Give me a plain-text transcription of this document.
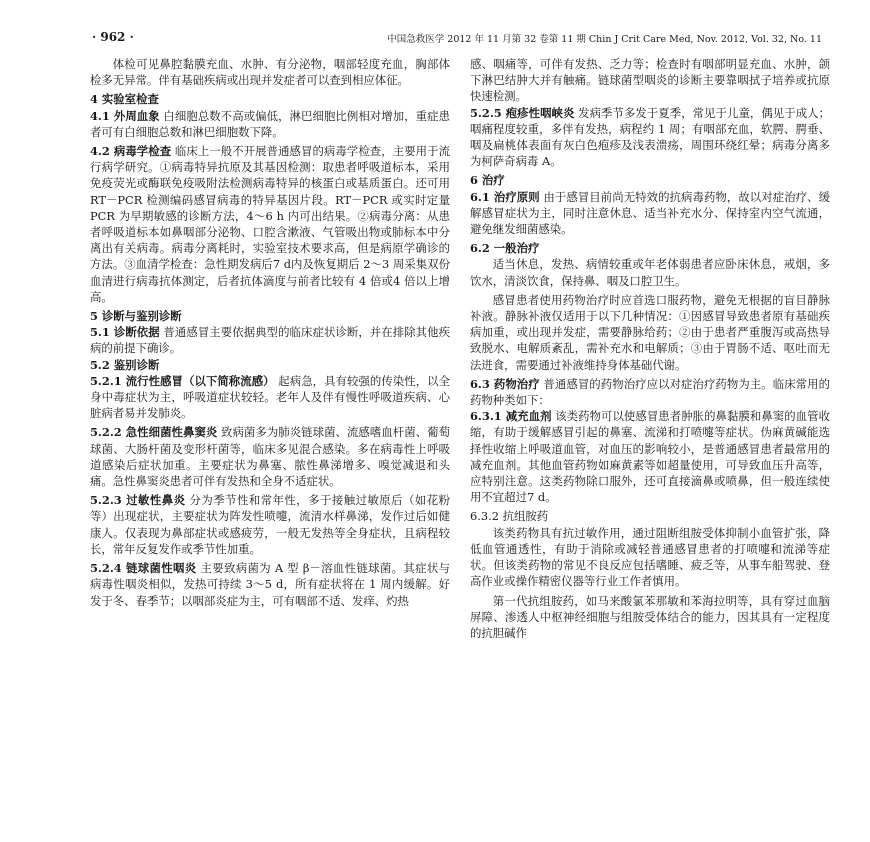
· 962 ·	中国急救医学 2012 年 11 月第 32 卷第 11 期 Chin J Crit Care Med, Nov. 2012, Vol. 32, No. 11

体检可见鼻腔黏膜充血、水肿、有分泌物，咽部轻度充血，胸部体检多无异常。伴有基础疾病或出现并发症者可以查到相应体征。

4 实验室检查

4.1 外周血象 白细胞总数不高或偏低，淋巴细胞比例相对增加，重症患者可有白细胞总数和淋巴细胞数下降。

4.2 病毒学检查 临床上一般不开展普通感冒的病毒学检查，主要用于流行病学研究。①病毒特异抗原及其基因检测：取患者呼吸道标本，采用免疫荧光或酶联免疫吸附法检测病毒特异的核蛋白或基质蛋白。还可用 RT－PCR 检测编码感冒病毒的特异基因片段。RT－PCR 或实时定量 PCR 为早期敏感的诊断方法，4～6 h 内可出结果。②病毒分离：从患者呼吸道标本如鼻咽部分泌物、口腔含漱液、气管吸出物或肺标本中分离出有关病毒。病毒分离耗时，实验室技术要求高，但是病原学确诊的方法。③血清学检查：急性期发病后7 d内及恢复期后 2～3 周采集双份血清进行病毒抗体测定，后者抗体滴度与前者比较有 4 倍或4 倍以上增高。

5 诊断与鉴别诊断

5.1 诊断依据 普通感冒主要依据典型的临床症状诊断，并在排除其他疾病的前提下确诊。

5.2 鉴别诊断

5.2.1 流行性感冒（以下简称流感） 起病急，具有较强的传染性，以全身中毒症状为主，呼吸道症状较轻。老年人及伴有慢性呼吸道疾病、心脏病者易并发肺炎。

5.2.2 急性细菌性鼻窦炎 致病菌多为肺炎链球菌、流感嗜血杆菌、葡萄球菌、大肠杆菌及变形杆菌等，临床多见混合感染。多在病毒性上呼吸道感染后症状加重。主要症状为鼻塞、脓性鼻涕增多、嗅觉减退和头痛。急性鼻窦炎患者可伴有发热和全身不适症状。

5.2.3 过敏性鼻炎 分为季节性和常年性，多于接触过敏原后（如花粉等）出现症状，主要症状为阵发性喷嚏，流清水样鼻涕，发作过后如健康人。仅表现为鼻部症状或感疲劳，一般无发热等全身症状，且病程较长，常年反复发作或季节性加重。

5.2.4 链球菌性咽炎 主要致病菌为 A 型 β－溶血性链球菌。其症状与病毒性咽炎相似，发热可持续 3～5 d，所有症状将在 1 周内缓解。好发于冬、春季节；以咽部炎症为主，可有咽部不适、发痒、灼热

感、咽痛等，可伴有发热、乏力等；检查时有咽部明显充血、水肿，颌下淋巴结肿大并有触痛。链球菌型咽炎的诊断主要靠咽拭子培养或抗原快速检测。

5.2.5 疱疹性咽峡炎 发病季节多发于夏季，常见于儿童，偶见于成人；咽痛程度较重，多伴有发热，病程约 1 周；有咽部充血，软腭、腭垂、咽及扁桃体表面有灰白色疱疹及浅表溃疡，周围环绕红晕；病毒分离多为柯萨奇病毒 A。

6 治疗

6.1 治疗原则 由于感冒目前尚无特效的抗病毒药物，故以对症治疗、缓解感冒症状为主，同时注意休息、适当补充水分、保持室内空气流通，避免继发细菌感染。

6.2 一般治疗

适当休息，发热、病情较重或年老体弱患者应卧床休息，戒烟，多饮水，清淡饮食，保持鼻、咽及口腔卫生。

感冒患者使用药物治疗时应首选口服药物，避免无根据的盲目静脉补液。静脉补液仅适用于以下几种情况：①因感冒导致患者原有基础疾病加重，或出现并发症，需要静脉给药；②由于患者严重腹泻或高热导致脱水、电解质紊乱，需补充水和电解质；③由于胃肠不适、呕吐而无法进食，需要通过补液维持身体基础代谢。

6.3 药物治疗 普通感冒的药物治疗应以对症治疗药物为主。临床常用的药物种类如下：

6.3.1 减充血剂 该类药物可以使感冒患者肿胀的鼻黏膜和鼻窦的血管收缩，有助于缓解感冒引起的鼻塞、流涕和打喷嚏等症状。伪麻黄碱能选择性收缩上呼吸道血管，对血压的影响较小，是普通感冒患者最常用的减充血剂。其他血管药物如麻黄素等如超量使用，可导致血压升高等，应特别注意。这类药物除口服外，还可直接滴鼻或喷鼻，但一般连续使用不宜超过7 d。

6.3.2 抗组胺药

该类药物具有抗过敏作用，通过阻断组胺受体抑制小血管扩张，降低血管通透性，有助于消除或减轻普通感冒患者的打喷嚏和流涕等症状。但该类药物的常见不良反应包括嗜睡、疲乏等，从事车船驾驶、登高作业或操作精密仪器等行业工作者慎用。

第一代抗组胺药，如马来酸氯苯那敏和苯海拉明等，具有穿过血脑屏障、渗透人中枢神经细胞与组胺受体结合的能力，因其具有一定程度的抗胆碱作
